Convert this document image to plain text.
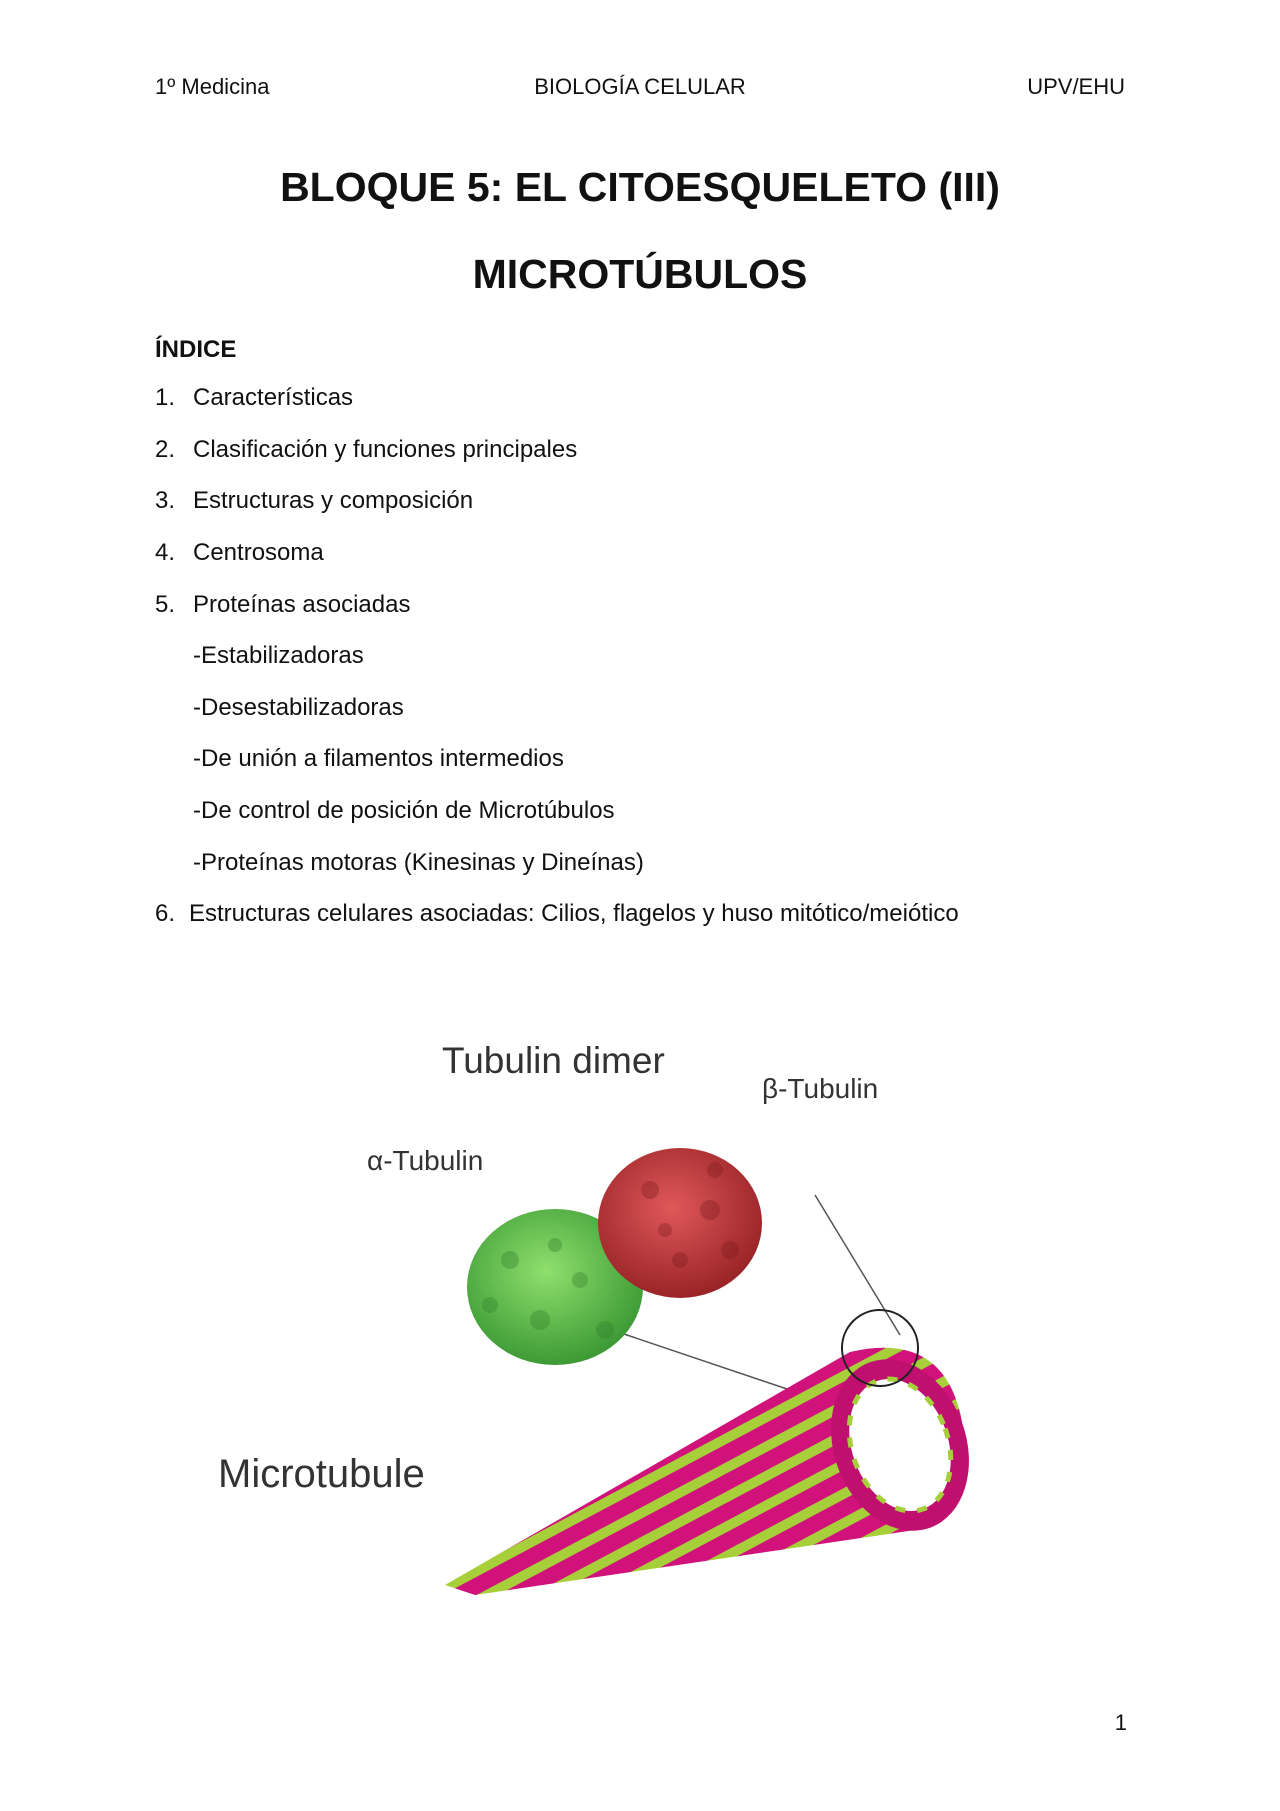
1º Medicina	BIOLOGÍA CELULAR	UPV/EHU
BLOQUE 5: EL CITOESQUELETO (III)
MICROTÚBULOS
ÍNDICE
1. Características
2. Clasificación y funciones principales
3. Estructuras y composición
4. Centrosoma
5. Proteínas asociadas
-Estabilizadoras
-Desestabilizadoras
-De unión a filamentos intermedios
-De control de posición de Microtúbulos
-Proteínas motoras (Kinesinas y Dineínas)
6. Estructuras celulares asociadas: Cilios, flagelos y huso mitótico/meiótico
Tubulin dimer
β-Tubulin
α-Tubulin
Microtubule
1
